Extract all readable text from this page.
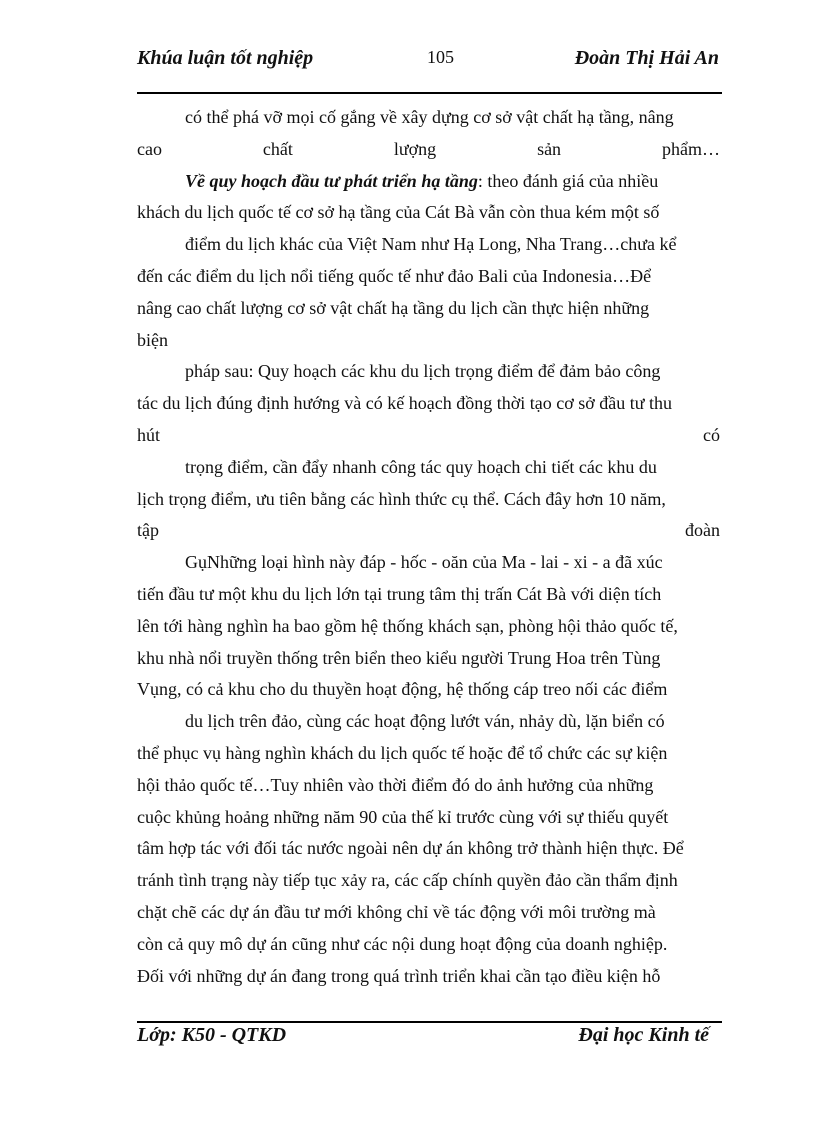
Khúa luận tốt nghiệp	105	Đoàn Thị Hải An
có thể phá vỡ mọi cố gắng về xây dựng cơ sở vật chất hạ tầng, nâng
cao	chất	lượng	sản	phẩm…
Về quy hoạch đầu tư phát triển hạ tầng : theo đánh giá của nhiều
khách du lịch quốc tế cơ sở hạ tầng của Cát Bà vẫn còn thua kém một số
điểm du lịch khác của Việt Nam như Hạ Long, Nha Trang…chưa kể
đến các điểm du lịch nổi tiếng quốc tế như đảo Bali của Indonesia…Để
nâng cao chất lượng cơ sở vật chất hạ tầng du lịch cần thực hiện những
biện
pháp sau: Quy hoạch các khu du lịch trọng điểm để đảm bảo công
tác du lịch đúng định hướng và có kế hoạch đồng thời tạo cơ sở đầu tư thu
hút	có
trọng điểm, cần đẩy nhanh công tác quy hoạch chi tiết các khu du
lịch trọng điểm, ưu tiên bằng các hình thức cụ thể. Cách đây hơn 10 năm,
tập	đoàn
GụNhững loại hình này đáp - hốc - oăn của Ma - lai - xi - a đã xúc
tiến đầu tư một khu du lịch lớn tại trung tâm thị trấn Cát Bà với diện tích
lên tới hàng nghìn ha bao gồm hệ thống khách sạn, phòng hội thảo quốc tế,
khu nhà nổi truyền thống trên biển theo kiểu người Trung Hoa trên Tùng
Vụng, có cả khu cho du thuyền hoạt động, hệ thống cáp treo nối các điểm
du lịch trên đảo, cùng các hoạt động lướt ván, nhảy dù, lặn biển có
thể phục vụ hàng nghìn khách du lịch quốc tế hoặc để tổ chức các sự kiện
hội thảo quốc tế…Tuy nhiên vào thời điểm đó do ảnh hưởng của những
cuộc khủng hoảng những năm 90 của thế kỉ trước cùng với sự thiếu quyết
tâm hợp tác với đối tác nước ngoài nên dự án không trở thành hiện thực. Để
tránh tình trạng này tiếp tục xảy ra, các cấp chính quyền đảo cần thẩm định
chặt chẽ các dự án đầu tư mới không chỉ về tác động với môi trường mà
còn cả quy mô dự án cũng như các nội dung hoạt động của doanh nghiệp.
Đối với những dự án đang trong quá trình triển khai cần tạo điều kiện hỗ
Lớp: K50 - QTKD	Đại học Kinh tế
